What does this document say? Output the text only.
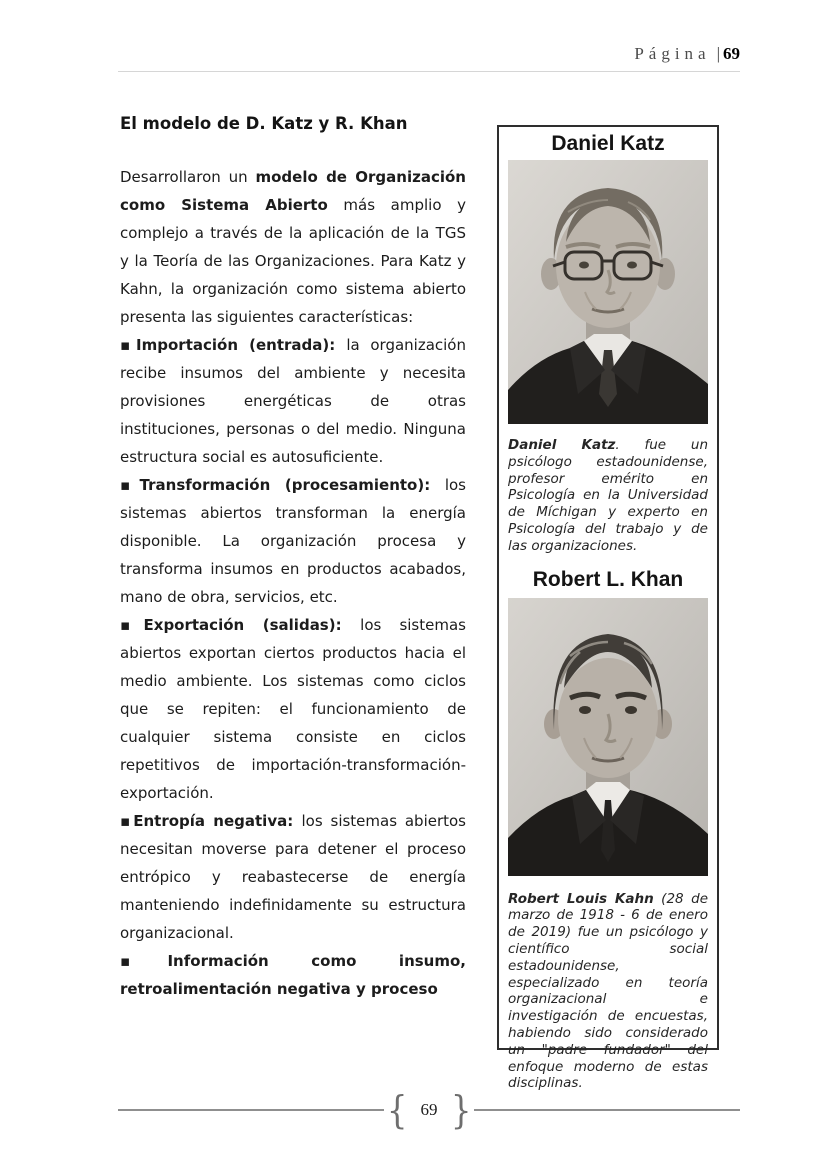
Página | 69
El modelo de D. Katz y R. Khan

Desarrollaron un modelo de Organización como Sistema Abierto más amplio y complejo a través de la aplicación de la TGS y la Teoría de las Organizaciones. Para Katz y Kahn, la organización como sistema abierto presenta las siguientes características:

▪Importación (entrada): la organización recibe insumos del ambiente y necesita provisiones energéticas de otras instituciones, personas o del medio. Ninguna estructura social es autosuficiente.

▪Transformación (procesamiento): los sistemas abiertos transforman la energía disponible. La organización procesa y transforma insumos en productos acabados, mano de obra, servicios, etc.

▪Exportación (salidas): los sistemas abiertos exportan ciertos productos hacia el medio ambiente. Los sistemas como ciclos que se repiten: el funcionamiento de cualquier sistema consiste en ciclos repetitivos de importación-transformación-exportación.

▪Entropía negativa: los sistemas abiertos necesitan moverse para detener el proceso entrópico y reabastecerse de energía manteniendo indefinidamente su estructura organizacional.

▪Información como insumo, retroalimentación negativa y proceso

Daniel Katz

Daniel Katz. fue un psicólogo estadounidense, profesor emérito en Psicología en la Universidad de Míchigan y experto en Psicología del trabajo y de las organizaciones.

Robert L. Khan

Robert Louis Kahn (28 de marzo de 1918 - 6 de enero de 2019) fue un psicólogo y científico social estadounidense, especializado en teoría organizacional e investigación de encuestas, habiendo sido considerado un "padre fundador" del enfoque moderno de estas disciplinas.

{ 69 }
